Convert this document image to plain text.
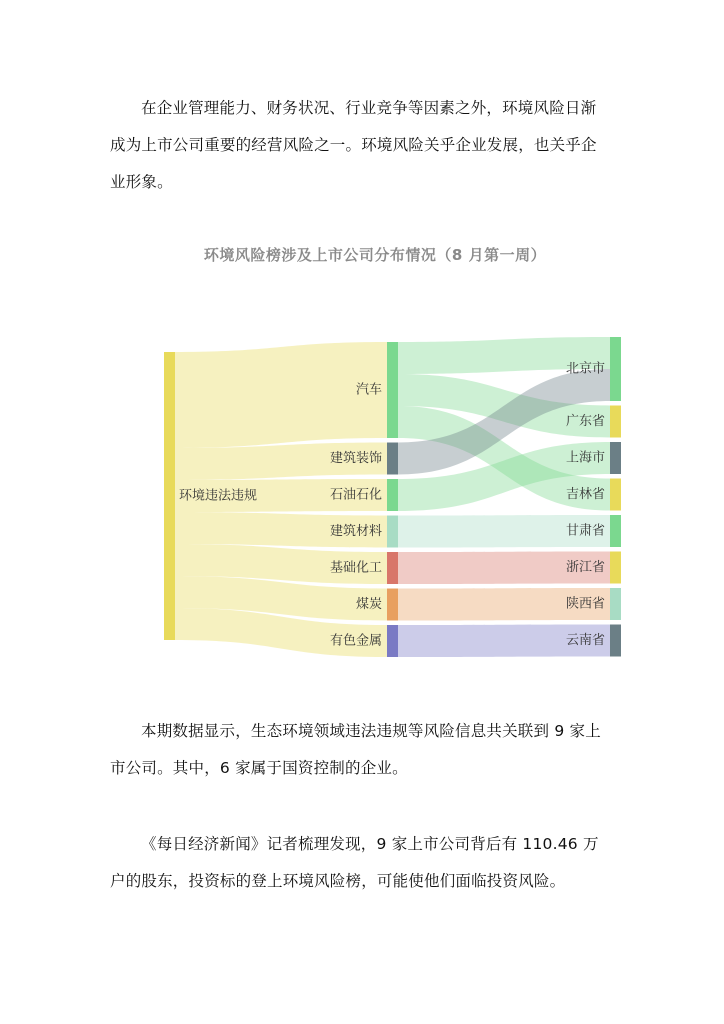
在企业管理能力、财务状况、行业竞争等因素之外，环境风险日渐成为上市公司重要的经营风险之一。环境风险关乎企业发展，也关乎企业形象。

环境风险榜涉及上市公司分布情况（8 月第一周）
环境违法违规
汽车
建筑装饰
石油石化
建筑材料
基础化工
煤炭
有色金属
北京市
广东省
上海市
吉林省
甘肃省
浙江省
陕西省
云南省

本期数据显示，生态环境领域违法违规等风险信息共关联到 9 家上市公司。其中，6 家属于国资控制的企业。

《每日经济新闻》记者梳理发现，9 家上市公司背后有 110.46 万户的股东，投资标的登上环境风险榜，可能使他们面临投资风险。
